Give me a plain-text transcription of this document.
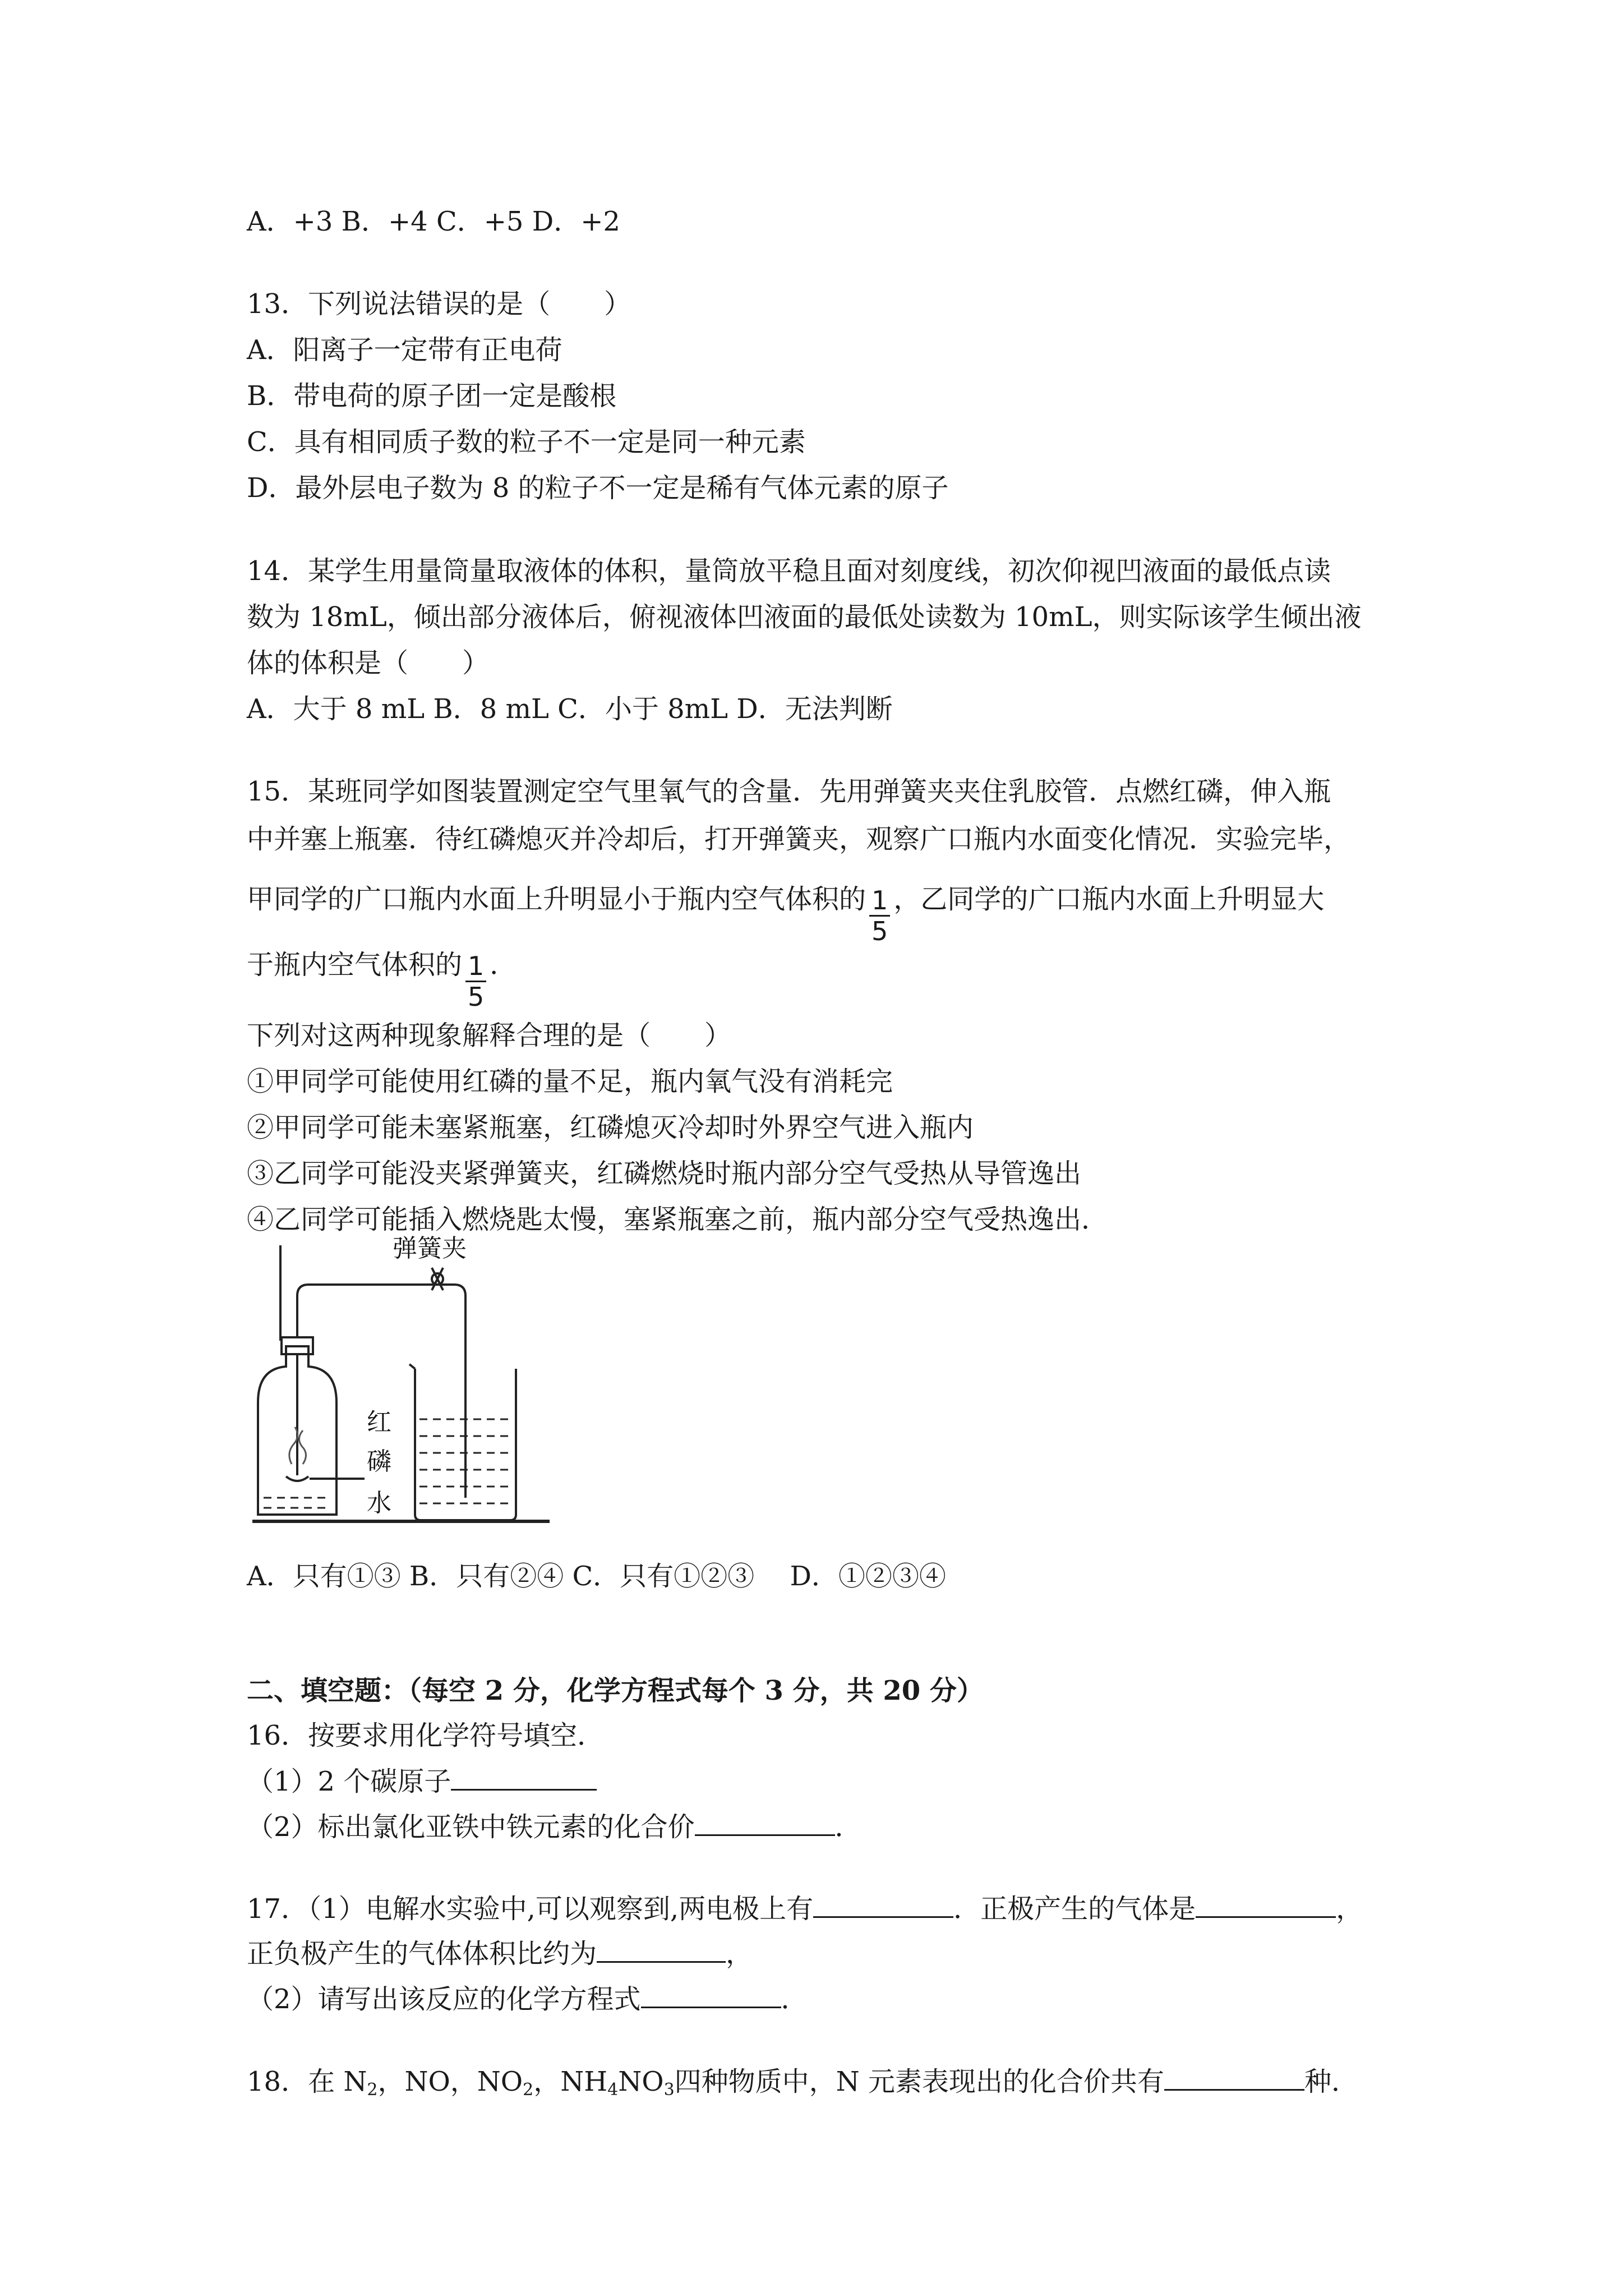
A．+3 B．+4 C．+5 D．+2
13．下列说法错误的是（　　）
A．阳离子一定带有正电荷
B．带电荷的原子团一定是酸根
C．具有相同质子数的粒子不一定是同一种元素
D．最外层电子数为 8 的粒子不一定是稀有气体元素的原子
14．某学生用量筒量取液体的体积，量筒放平稳且面对刻度线，初次仰视凹液面的最低点读
数为 18mL，倾出部分液体后，俯视液体凹液面的最低处读数为 10mL，则实际该学生倾出液
体的体积是（　　）
A．大于 8 mL B．8 mL C．小于 8mL D．无法判断
15．某班同学如图装置测定空气里氧气的含量．先用弹簧夹夹住乳胶管．点燃红磷，伸入瓶
中并塞上瓶塞．待红磷熄灭并冷却后，打开弹簧夹，观察广口瓶内水面变化情况．实验完毕，
甲同学的广口瓶内水面上升明显小于瓶内空气体积的 $\frac{1}{5}$ ，乙同学的广口瓶内水面上升明显大
于瓶内空气体积的 $\frac{1}{5}$ ．
下列对这两种现象解释合理的是（　　）
①甲同学可能使用红磷的量不足，瓶内氧气没有消耗完
②甲同学可能未塞紧瓶塞，红磷熄灭冷却时外界空气进入瓶内
③乙同学可能没夹紧弹簧夹，红磷燃烧时瓶内部分空气受热从导管逸出
④乙同学可能插入燃烧匙太慢，塞紧瓶塞之前，瓶内部分空气受热逸出．
弹簧夹
红
磷
水
A．只有①③ B．只有②④ C．只有①②③　 D．①②③④
二、填空题：（每空 2 分，化学方程式每个 3 分，共 20 分）
16．按要求用化学符号填空．
（1）2 个碳原子
（2）标出氯化亚铁中铁元素的化合价	．
17．（1）电解水实验中,可以观察到,两电极上有	．正极产生的气体是	，
正负极产生的气体体积比约为	，
（2）请写出该反应的化学方程式	．
18．在 $N_2$，NO，$NO_2$，$NH_4NO_3$四种物质中，N 元素表现出的化合价共有	种．
